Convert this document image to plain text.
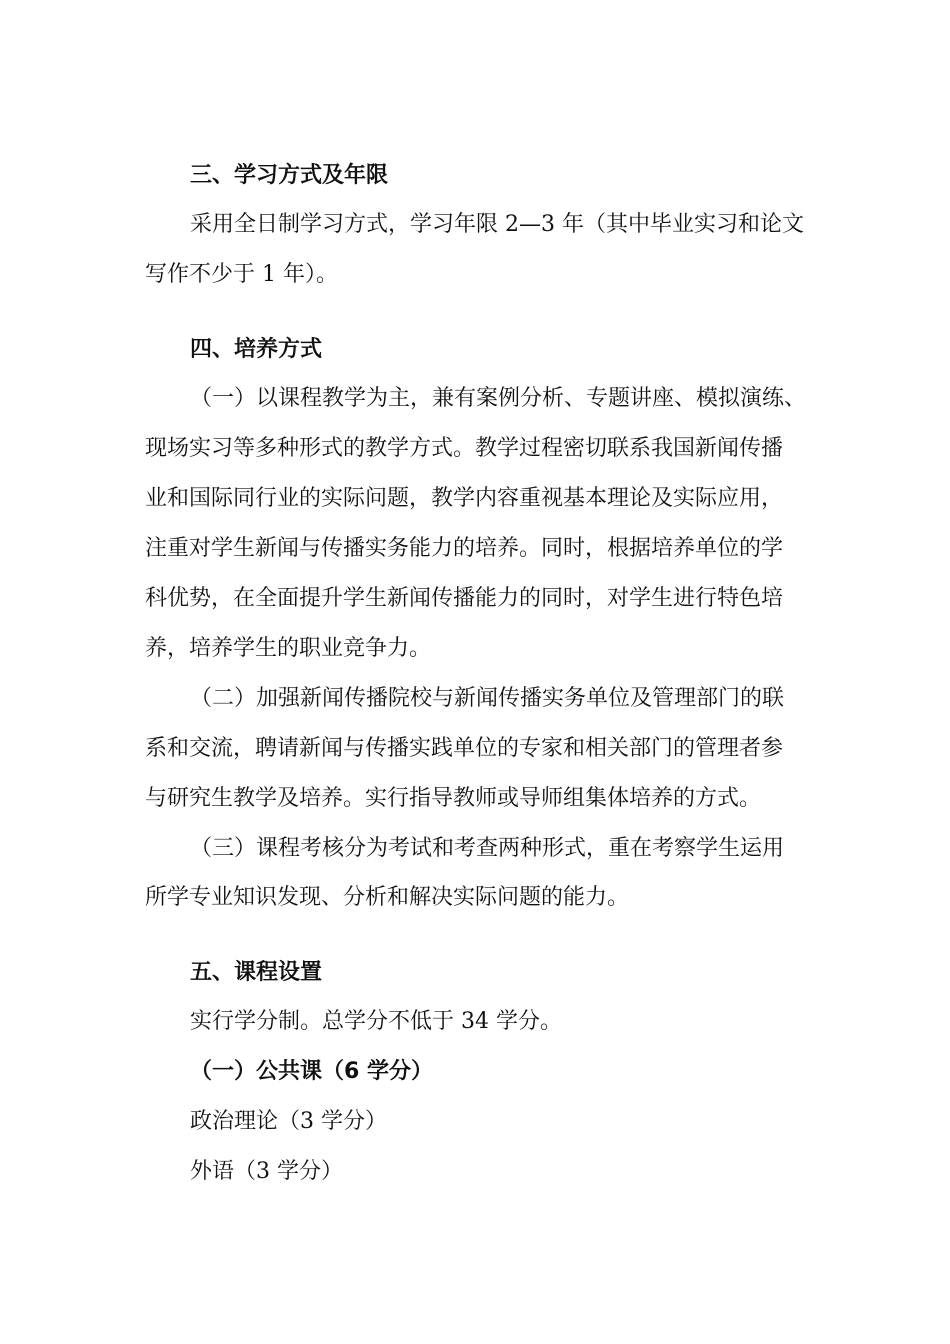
三、学习方式及年限
采用全日制学习方式，学习年限 2—3 年（其中毕业实习和论文
写作不少于 1 年）。
四、培养方式
（一）以课程教学为主，兼有案例分析、专题讲座、模拟演练、
现场实习等多种形式的教学方式。教学过程密切联系我国新闻传播
业和国际同行业的实际问题，教学内容重视基本理论及实际应用，
注重对学生新闻与传播实务能力的培养。同时，根据培养单位的学
科优势，在全面提升学生新闻传播能力的同时，对学生进行特色培
养，培养学生的职业竞争力。
（二）加强新闻传播院校与新闻传播实务单位及管理部门的联
系和交流，聘请新闻与传播实践单位的专家和相关部门的管理者参
与研究生教学及培养。实行指导教师或导师组集体培养的方式。
（三）课程考核分为考试和考查两种形式，重在考察学生运用
所学专业知识发现、分析和解决实际问题的能力。
五、课程设置
实行学分制。总学分不低于 34 学分。
（一）公共课（6 学分）
政治理论（3 学分）
外语（3 学分）
